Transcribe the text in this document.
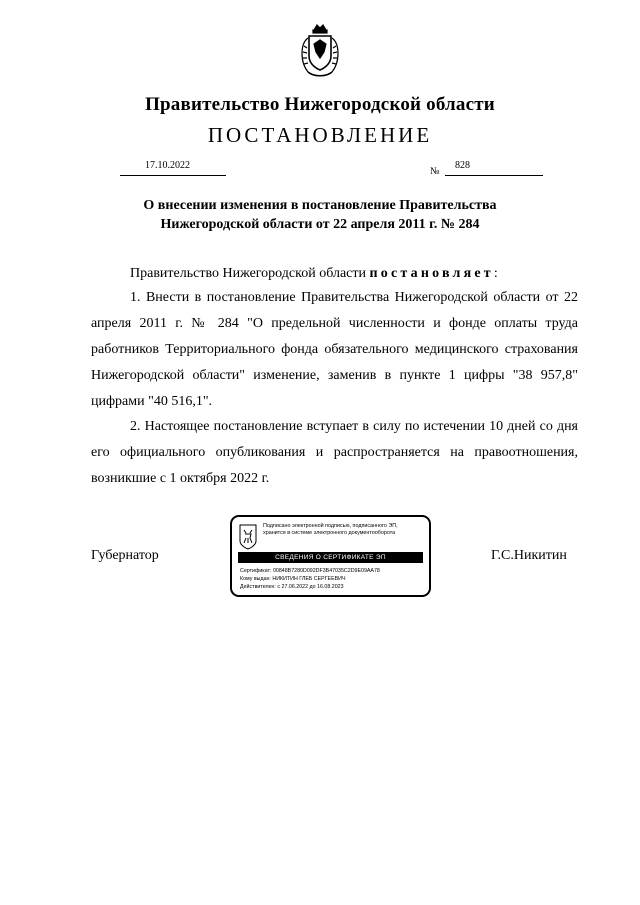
Правительство Нижегородской области
ПОСТАНОВЛЕНИЕ
17.10.2022
№
828
О внесении изменения в постановление Правительства
Нижегородской области от 22 апреля 2011 г. № 284
Правительство Нижегородской области постановляет:
1. Внести в постановление Правительства Нижегородской области от 22 апреля 2011 г. № 284 "О предельной численности и фонде оплаты труда работников Территориального фонда обязательного медицинского страхования Нижегородской области" изменение, заменив в пункте 1 цифры "38 957,8" цифрами "40 516,1".
2. Настоящее постановление вступает в силу по истечении 10 дней со дня его официального опубликования и распространяется на правоотношения, возникшие с 1 октября 2022 г.
Губернатор	Г.С.Никитин
Подписано электронной подписью, подписанного ЭП,
хранится в системе электронного документооборота
СВЕДЕНИЯ О СЕРТИФИКАТЕ ЭП
Сертификат: 00848B7280D092DF3B47035C2D9E09AA78
Кому выдан: НИКИТИН ГЛЕБ СЕРГЕЕВИЧ
Действителен: с 27.06.2022 до 16.08.2023
